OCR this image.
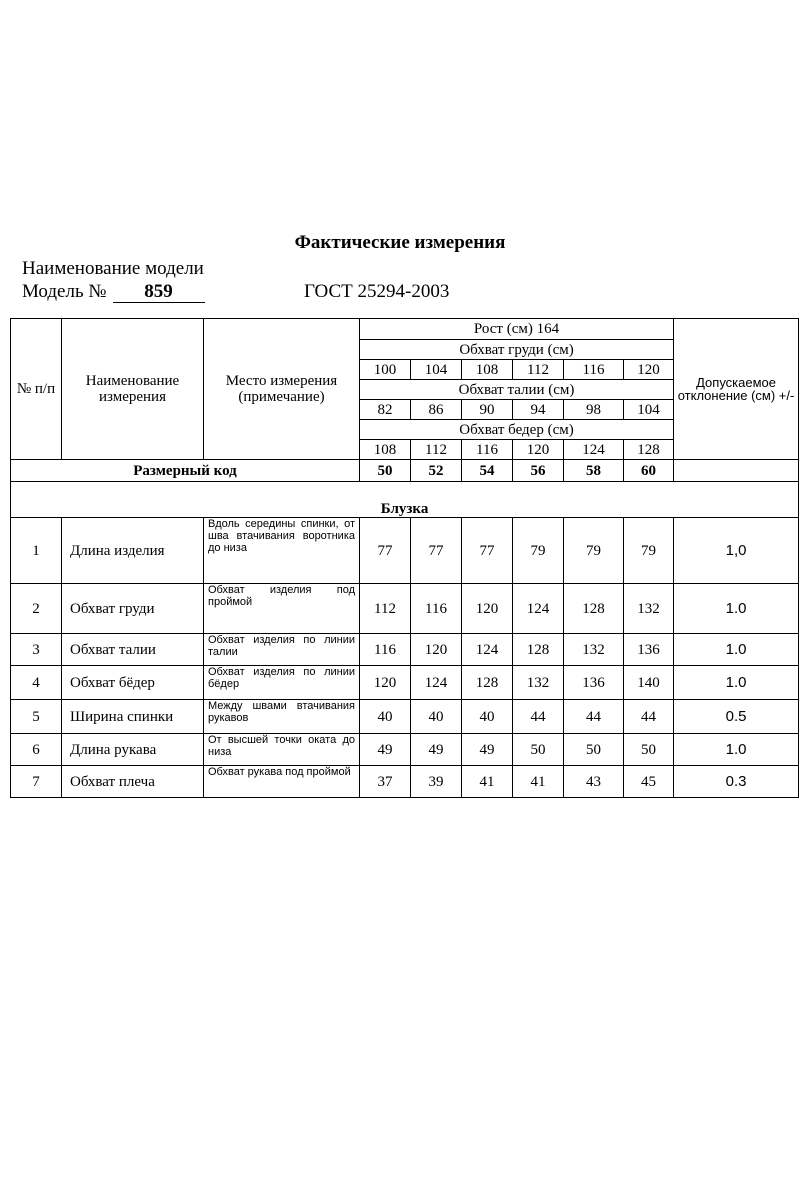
Фактические измерения
Наименование модели
Модель № 859	ГОСТ 25294-2003
№ п/п	Наименование измерения	Место измерения (примечание)	Рост (см) 164						Допускаемое отклонение (см) +/-
			Обхват груди (см)						
			100	104	108	112	116	120	
			Обхват талии (см)						
			82	86	90	94	98	104	
			Обхват бедер (см)						
			108	112	116	120	124	128	
Размерный код			50	52	54	56	58	60	
Блузка									
1	Длина изделия	Вдоль середины спинки, от шва втачивания воротника до низа	77	77	77	79	79	79	1,0
2	Обхват груди	Обхват изделия под проймой	112	116	120	124	128	132	1.0
3	Обхват талии	Обхват изделия по линии талии	116	120	124	128	132	136	1.0
4	Обхват бёдер	Обхват изделия по линии бёдер	120	124	128	132	136	140	1.0
5	Ширина спинки	Между швами втачивания рукавов	40	40	40	44	44	44	0.5
6	Длина рукава	От высшей точки оката до низа	49	49	49	50	50	50	1.0
7	Обхват плеча	Обхват рукава под проймой	37	39	41	41	43	45	0.3
